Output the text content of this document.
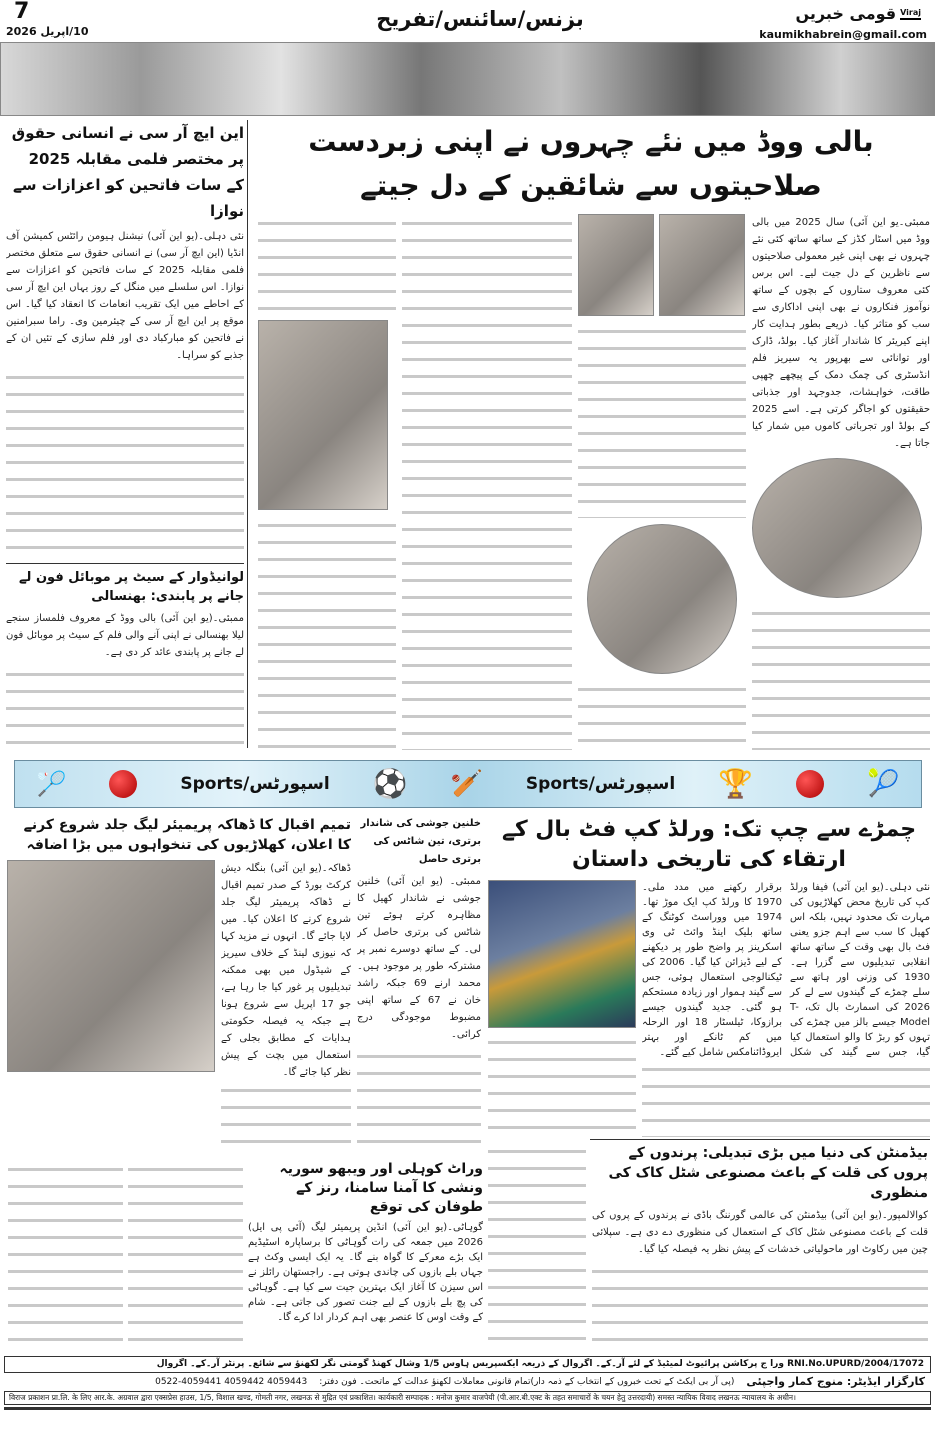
7
10/اپریل 2026
بزنس/سائنس/تفریح	Viraj
قومی خبریں
kaumikhabrein@gmail.com
این ایچ آر سی نے انسانی حقوق پر مختصر فلمی مقابلہ 2025 کے سات فاتحین کو اعزازات سے نوازا
نئی دہلی۔(یو این آئی) نیشنل ہیومن رائٹس کمیشن آف انڈیا (این ایچ آر سی) نے انسانی حقوق سے متعلق مختصر فلمی مقابلہ 2025 کے سات فاتحین کو اعزازات سے نوازا۔ اس سلسلے میں منگل کے روز یہاں این ایچ آر سی کے احاطے میں ایک تقریب انعامات کا انعقاد کیا گیا۔ اس موقع پر این ایچ آر سی کے چیئرمین وی۔ راما سبرامنین نے فاتحین کو مبارکباد دی اور فلم سازی کے تئیں ان کے جذبے کو سراہا۔
لوانیڈوار کے سیٹ پر موبائل فون لے جانے پر پابندی: بھنسالی
ممبئی۔(یو این آئی) بالی ووڈ کے معروف فلمساز سنجے لیلا بھنسالی نے اپنی آنے والی فلم کے سیٹ پر موبائل فون لے جانے پر پابندی عائد کر دی ہے۔
بالی ووڈ میں نئے چہروں نے اپنی زبردست صلاحیتوں سے شائقین کے دل جیتے
ممبئی۔یو این آئی) سال 2025 میں بالی ووڈ میں اسٹار کڈز کے ساتھ ساتھ کئی نئے چہروں نے بھی اپنی غیر معمولی صلاحیتوں سے ناظرین کے دل جیت لیے۔ اس برس کئی معروف ستاروں کے بچوں کے ساتھ نوآموز فنکاروں نے بھی اپنی اداکاری سے سب کو متاثر کیا۔ ذریعے بطور ہدایت کار اپنے کیریئر کا شاندار آغاز کیا۔ بولڈ، ڈارک اور توانائی سے بھرپور یہ سیریز فلم انڈسٹری کی چمک دمک کے پیچھے چھپی طاقت، خواہشات، جدوجہد اور جذباتی حقیقتوں کو اجاگر کرتی ہے۔ اسے 2025 کے بولڈ اور تجرباتی کاموں میں شمار کیا جاتا ہے۔
🏸	Sports/اسپورٹس ⚽ 🏏	Sports/اسپورٹس 🏆	🎾
تمیم اقبال کا ڈھاکہ پریمیئر لیگ جلد شروع کرنے کا اعلان، کھلاڑیوں کی تنخواہوں میں بڑا اضافہ
ڈھاکہ۔(یو این آئی) بنگلہ دیش کرکٹ بورڈ کے صدر تمیم اقبال نے ڈھاکہ پریمیئر لیگ جلد شروع کرنے کا اعلان کیا۔ میں لایا جائے گا۔ انہوں نے مزید کہا کہ نیوزی لینڈ کے خلاف سیریز کے شیڈول میں بھی ممکنہ تبدیلیوں پر غور کیا جا رہا ہے، جو 17 اپریل سے شروع ہونا ہے جبکہ یہ فیصلہ حکومتی ہدایات کے مطابق بجلی کے استعمال میں بچت کے پیش نظر کیا جائے گا۔
خلنین جوشی کی شاندار برتری، تین شاٹس کی برتری حاصل
ممبئی۔ (یو این آئی) خلنین جوشی نے شاندار کھیل کا مظاہرہ کرتے ہوئے تین شاٹس کی برتری حاصل کر لی۔ کے ساتھ دوسرے نمبر پر مشترکہ طور پر موجود ہیں۔ محمد ارنے 69 جبکہ راشد خان نے 67 کے ساتھ اپنی مضبوط موجودگی درج کرائی۔
وراٹ کوہلی اور ویبھو سوریہ ونشی کا آمنا سامنا، رنز کے طوفان کی توقع
گوہاٹی۔(یو این آئی) انڈین پریمیئر لیگ (آئی پی ایل) 2026 میں جمعہ کی رات گوہاٹی کا برساپارہ اسٹیڈیم ایک بڑے معرکے کا گواہ بنے گا۔ یہ ایک ایسی وکٹ ہے جہاں بلے بازوں کی چاندی ہوتی ہے۔ راجستھان رائلز نے اس سیزن کا آغاز ایک بہترین جیت سے کیا ہے۔ گوہاٹی کی پچ بلے بازوں کے لیے جنت تصور کی جاتی ہے۔ شام کے وقت اوس کا عنصر بھی اہم کردار ادا کرے گا۔
چمڑے سے چپ تک: ورلڈ کپ فٹ بال کے ارتقاء کی تاریخی داستان
نئی دہلی۔(یو این آئی) فیفا ورلڈ کپ کی تاریخ محض کھلاڑیوں کی مہارت تک محدود نہیں، بلکہ اس کھیل کا سب سے اہم جزو یعنی فٹ بال بھی وقت کے ساتھ ساتھ انقلابی تبدیلیوں سے گزرا ہے۔ 1930 کی وزنی اور ہاتھ سے سلے چمڑے کے گیندوں سے لے کر 2026 کی اسمارٹ بال تک، T-Model جیسے بالز میں چمڑے کی تہوں کو ربڑ کا والو استعمال کیا گیا، جس سے گیند کی شکل برقرار رکھنے میں مدد ملی۔ 1970 کا ورلڈ کپ ایک موڑ تھا۔ 1974 میں ووراسٹ کوٹنگ کے ساتھ بلیک اینڈ وائٹ ٹی وی اسکرینز پر واضح طور پر دیکھنے کے لیے ڈیزائن کیا گیا۔ 2006 کی ٹیکنالوجی استعمال ہوئی، جس سے گیند ہموار اور زیادہ مستحکم ہو گئی۔ جدید گیندوں جیسے برازوکا، ٹیلسٹار 18 اور الرحلہ میں کم ٹانکے اور بہتر ایروڈائنامکس شامل کیے گئے۔
بیڈمنٹن کی دنیا میں بڑی تبدیلی: پرندوں کے پروں کی قلت کے باعث مصنوعی شٹل کاک کی منظوری
کوالالمپور۔(یو این آئی) بیڈمنٹن کی عالمی گورننگ باڈی نے پرندوں کے پروں کی قلت کے باعث مصنوعی شٹل کاک کے استعمال کی منظوری دے دی ہے۔ سپلائی چین میں رکاوٹ اور ماحولیاتی خدشات کے پیش نظر یہ فیصلہ کیا گیا۔
RNI.No.UPURD/2004/17072 ورا ج پرکاشن پرائیوٹ لمیٹیڈ کے لئے آر۔کے۔ اگروال کے ذریعہ ایکسپریس ہاوس 1/5 وشال کھنڈ گومتی نگر لکھنؤ سے شائع۔ پرنٹر آر۔کے۔ اگروال
کارگزار ایڈیٹر: منوج کمار واجپئی
(پی آر بی ایکٹ کے تحت خبروں کے انتخاب کے ذمہ دار)تمام قانونی معاملات لکھنؤ عدالت کے ماتحت۔ فون دفتر:
0522-4059441 4059442 4059443
विराज प्रकाशन प्रा.लि. के लिए आर.के. अग्रवाल द्वारा एक्सप्रेस हाउस, 1/5, विशाल खण्ड, गोमती नगर, लखनऊ से मुद्रित एवं प्रकाशित। कार्यकारी सम्पादक : मनोज कुमार वाजपेयी (पी.आर.बी.एक्ट के तहत समाचारों के चयन हेतु उत्तरदायी) समस्त न्यायिक विवाद लखनऊ न्यायालय के अधीन।
